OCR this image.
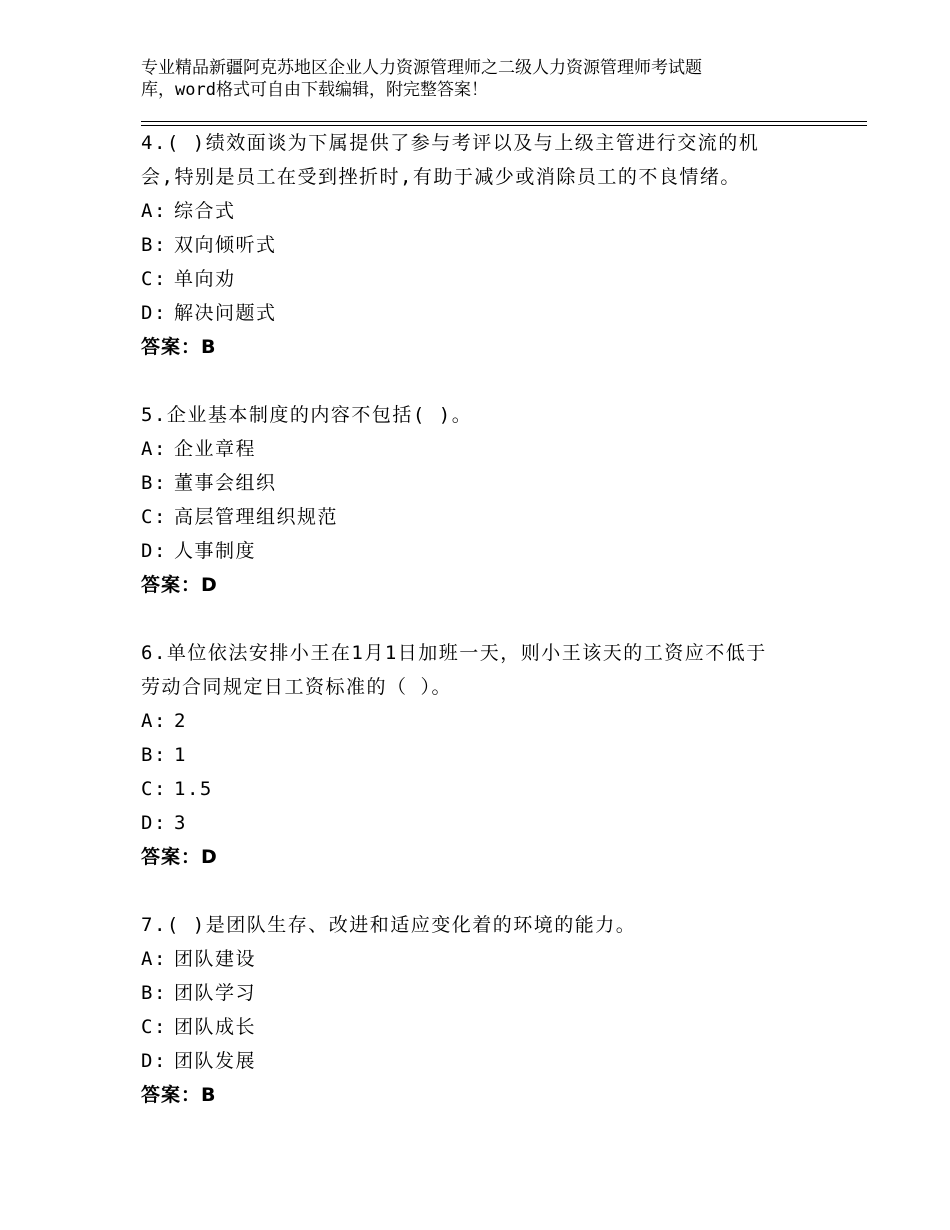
专业精品新疆阿克苏地区企业人力资源管理师之二级人力资源管理师考试题
库，word格式可自由下载编辑，附完整答案！
4.( )绩效面谈为下属提供了参与考评以及与上级主管进行交流的机
会,特别是员工在受到挫折时,有助于减少或消除员工的不良情绪。
A: 综合式
B: 双向倾听式
C: 单向劝
D: 解决问题式
答案：B
5.企业基本制度的内容不包括( )。
A: 企业章程
B: 董事会组织
C: 高层管理组织规范
D: 人事制度
答案：D
6.单位依法安排小王在1月1日加班一天，则小王该天的工资应不低于
劳动合同规定日工资标准的（ ）。
A: 2
B: 1
C: 1.5
D: 3
答案：D
7.( )是团队生存、改进和适应变化着的环境的能力。
A: 团队建设
B: 团队学习
C: 团队成长
D: 团队发展
答案：B
